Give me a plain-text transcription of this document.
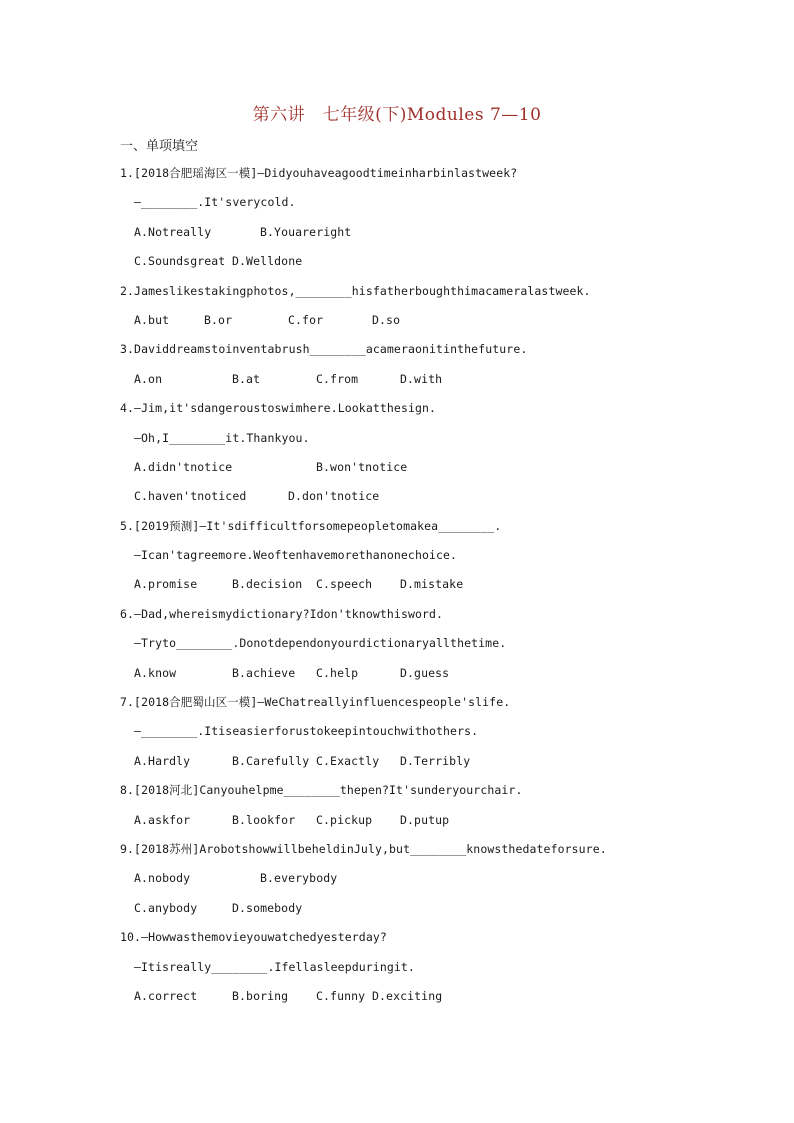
第六讲　七年级(下)Modules 7—10
一、单项填空
1.[2018合肥瑶海区一模]—Didyouhaveagoodtimeinharbinlastweek?
—________.It'sverycold.
A.Notreally	B.Youareright
C.Soundsgreat D.Welldone
2.Jameslikestakingphotos,________hisfatherboughthimacameralastweek.
A.but	B.or	C.for	D.so
3.Daviddreamstoinventabrush________acameraonitinthefuture.
A.on	B.at	C.from	D.with
4.—Jim,it'sdangeroustoswimhere.Lookatthesign.
—Oh,I________it.Thankyou.
A.didn'tnotice	B.won'tnotice
C.haven'tnoticed	D.don'tnotice
5.[2019预测]—It'sdifficultforsomepeopletomakea________.
—Ican'tagreemore.Weoftenhavemorethanonechoice.
A.promise	B.decision	C.speech	D.mistake
6.—Dad,whereismydictionary?Idon'tknowthisword.
—Tryto________.Donotdependonyourdictionaryallthetime.
A.know	B.achieve	C.help	D.guess
7.[2018合肥蜀山区一模]—WeChatreallyinfluencespeople'slife.
—________.Itiseasierforustokeepintouchwithothers.
A.Hardly	B.Carefully C.Exactly	D.Terribly
8.[2018河北]Canyouhelpme________thepen?It'sunderyourchair.
A.askfor	B.lookfor	C.pickup	D.putup
9.[2018苏州]ArobotshowwillbeheldinJuly,but________knowsthedateforsure.
A.nobody	B.everybody
C.anybody	D.somebody
10.—Howwasthemovieyouwatchedyesterday?
—Itisreally________.Ifellasleepduringit.
A.correct	B.boring	C.funny D.exciting
